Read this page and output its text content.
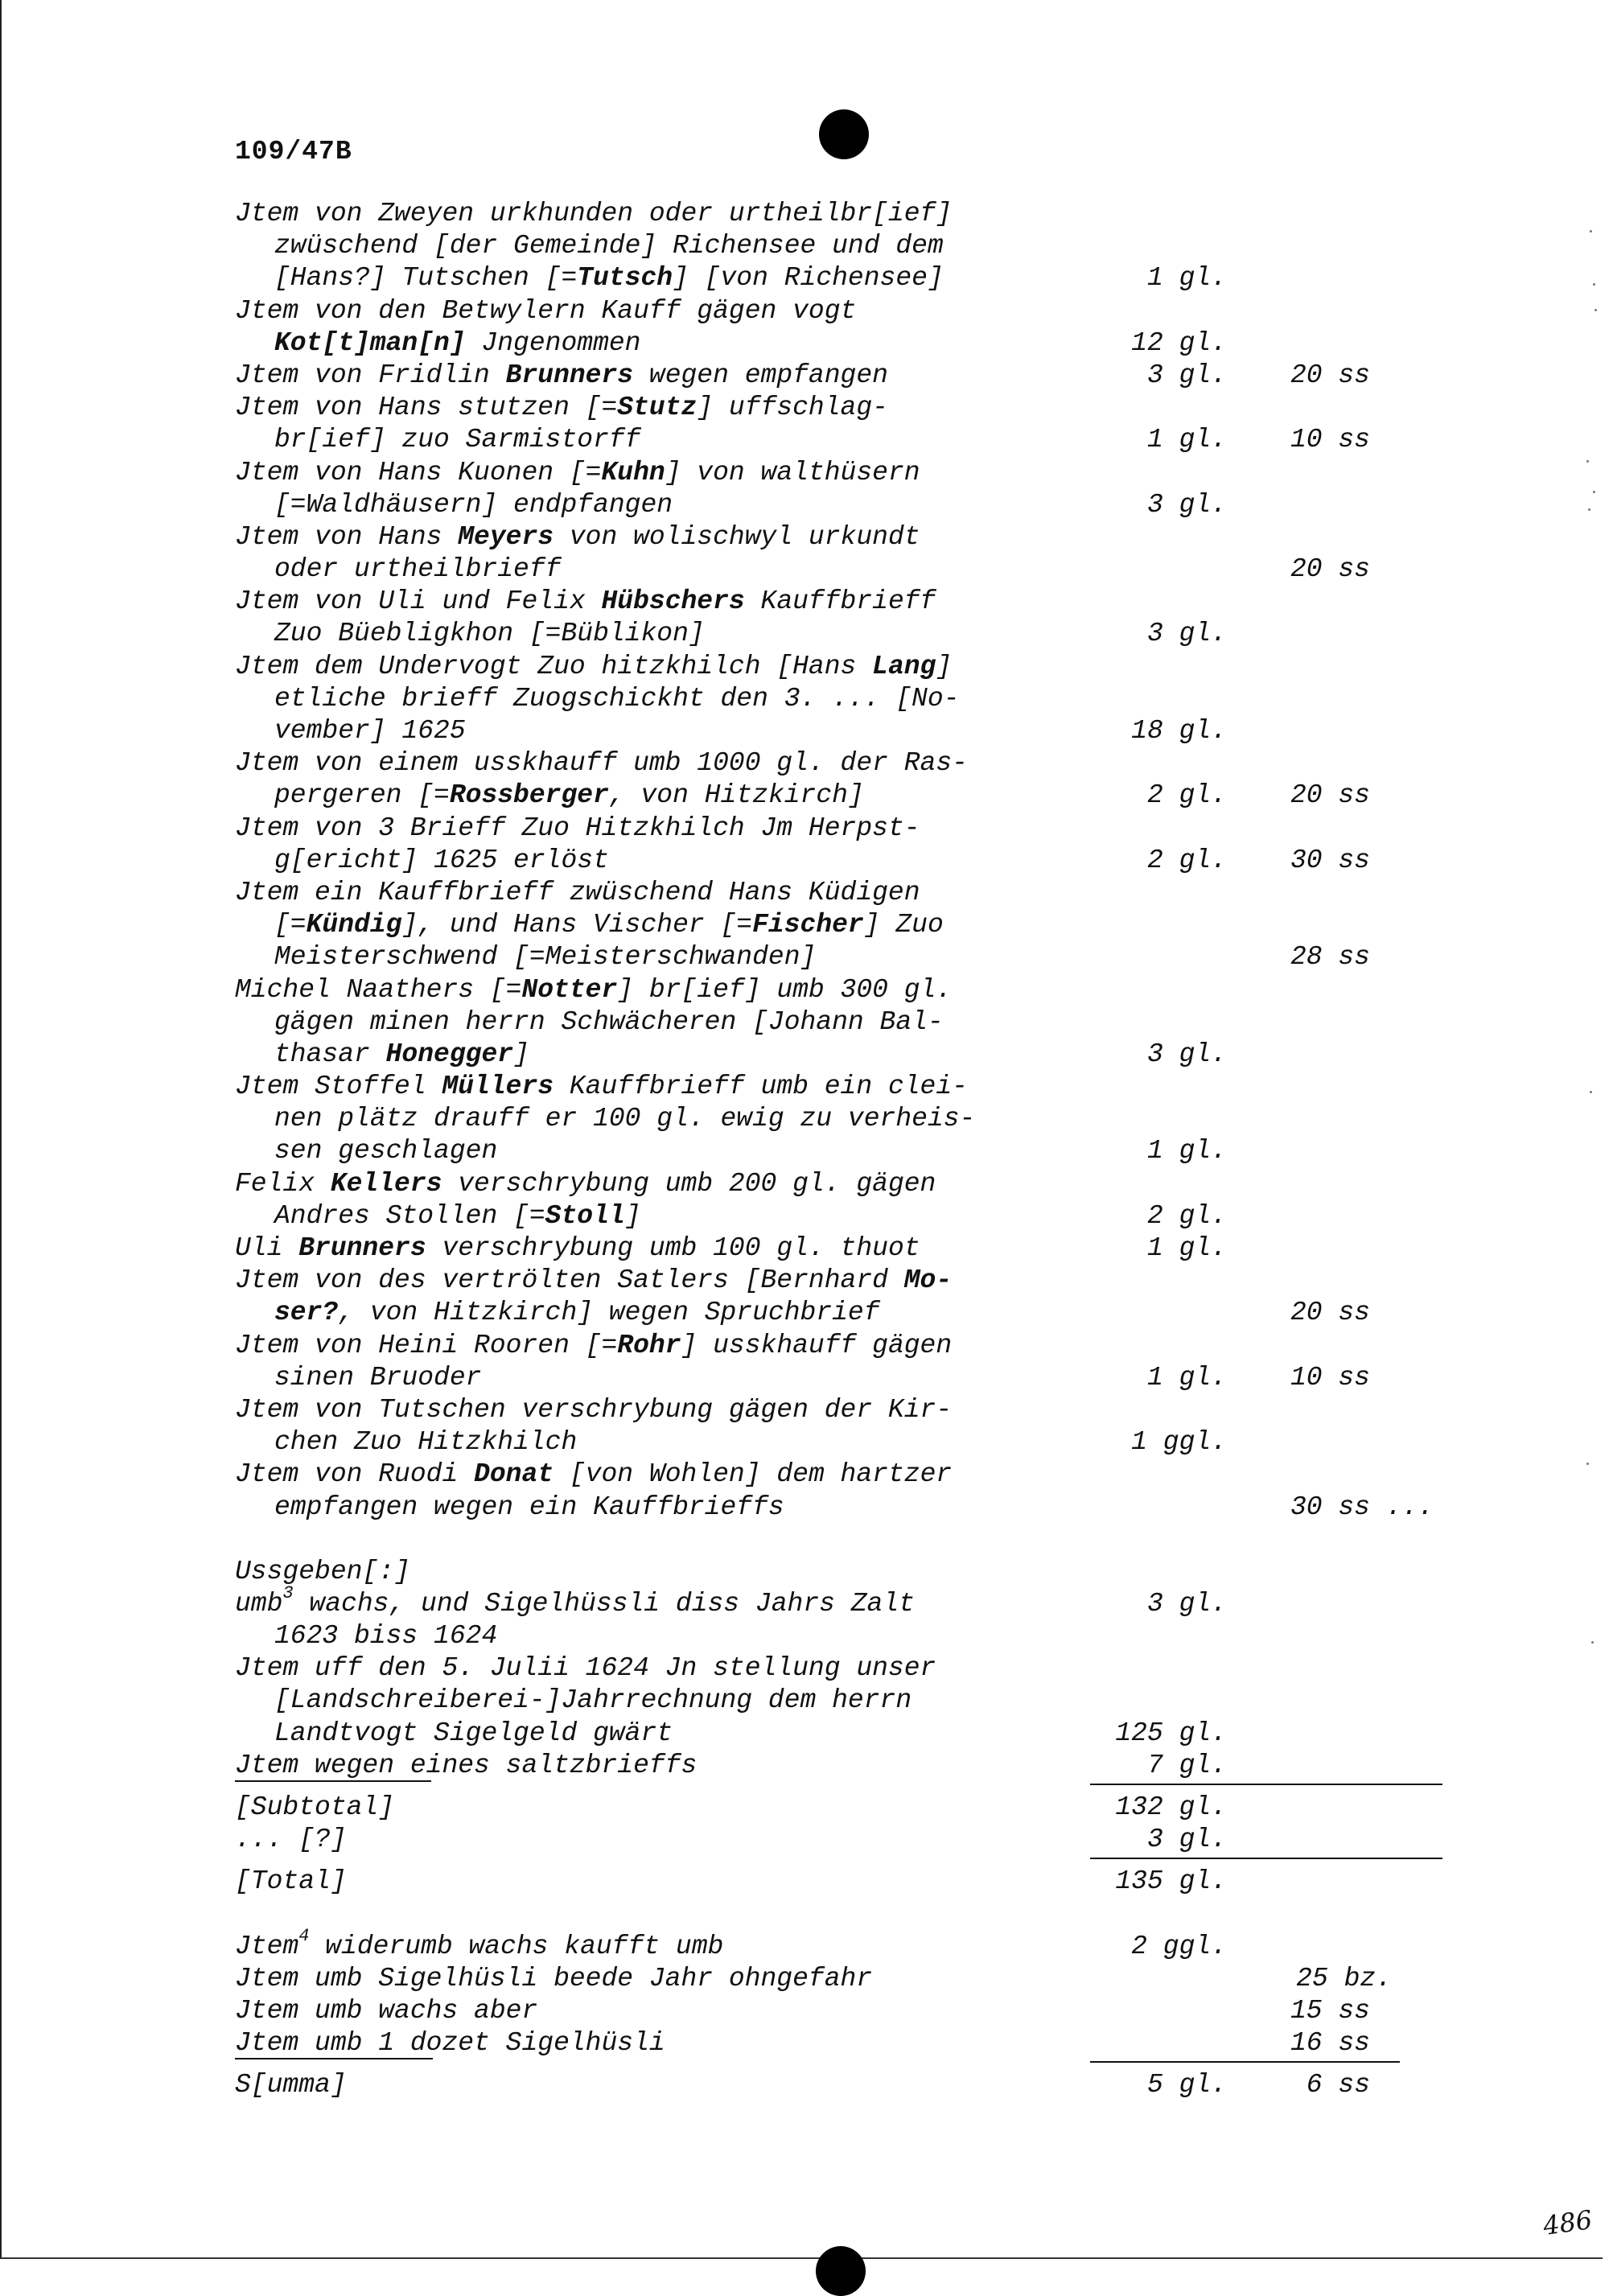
109/47B
Jtem von Zweyen urkhunden oder urtheilbr[ief]
zwüschend [der Gemeinde] Richensee und dem
[Hans?] Tutschen [=Tutsch] [von Richensee]	1 gl.
Jtem von den Betwylern Kauff gägen vogt
Kot[t]man[n] Jngenommen	12 gl.
Jtem von Fridlin Brunners wegen empfangen	3 gl. 20 ss
Jtem von Hans stutzen [=Stutz] uffschlag-
br[ief] zuo Sarmistorff	1 gl. 10 ss
Jtem von Hans Kuonen [=Kuhn] von walthüsern
[=Waldhäusern] endpfangen	3 gl.
Jtem von Hans Meyers von wolischwyl urkundt
oder urtheilbrieff	20 ss
Jtem von Uli und Felix Hübschers Kauffbrieff
Zuo Büebligkhon [=Büblikon]	3 gl.
Jtem dem Undervogt Zuo hitzkhilch [Hans Lang]
etliche brieff Zuogschickht den 3. ... [No-
vember] 1625	18 gl.
Jtem von einem usskhauff umb 1000 gl. der Ras-
pergeren [=Rossberger, von Hitzkirch]	2 gl. 20 ss
Jtem von 3 Brieff Zuo Hitzkhilch Jm Herpst-
g[ericht] 1625 erlöst	2 gl. 30 ss
Jtem ein Kauffbrieff zwüschend Hans Küdigen
[=Kündig], und Hans Vischer [=Fischer] Zuo
Meisterschwend [=Meisterschwanden]	28 ss
Michel Naathers [=Notter] br[ief] umb 300 gl.
gägen minen herrn Schwächeren [Johann Bal-
thasar Honegger]	3 gl.
Jtem Stoffel Müllers Kauffbrieff umb ein clei-
nen plätz drauff er 100 gl. ewig zu verheis-
sen geschlagen	1 gl.
Felix Kellers verschrybung umb 200 gl. gägen
Andres Stollen [=Stoll]	2 gl.
Uli Brunners verschrybung umb 100 gl. thuot	1 gl.
Jtem von des vertrölten Satlers [Bernhard Mo-
ser?, von Hitzkirch] wegen Spruchbrief	20 ss
Jtem von Heini Rooren [=Rohr] usskhauff gägen
sinen Bruoder	1 gl. 10 ss
Jtem von Tutschen verschrybung gägen der Kir-
chen Zuo Hitzkhilch	1 ggl.
Jtem von Ruodi Donat [von Wohlen] dem hartzer
empfangen wegen ein Kauffbrieffs	30 ss ...
Ussgeben[:]
umb$^3$ wachs, und Sigelhüssli diss Jahrs Zalt	3 gl.
1623 biss 1624
Jtem uff den 5. Julii 1624 Jn stellung unser
[Landschreiberei-]Jahrrechnung dem herrn
Landtvogt Sigelgeld gwärt	125 gl.
Jtem wegen eines saltzbrieffs	7 gl.
[Subtotal]	132 gl.
... [?]	3 gl.
[Total]	135 gl.
Jtem$^4$ widerumb wachs kaufft umb	2 ggl.
Jtem umb Sigelhüsli beede Jahr ohngefahr	25 bz.
Jtem umb wachs aber	15 ss
Jtem umb 1 dozet Sigelhüsli	16 ss
S[umma]	5 gl.	6 ss
486
